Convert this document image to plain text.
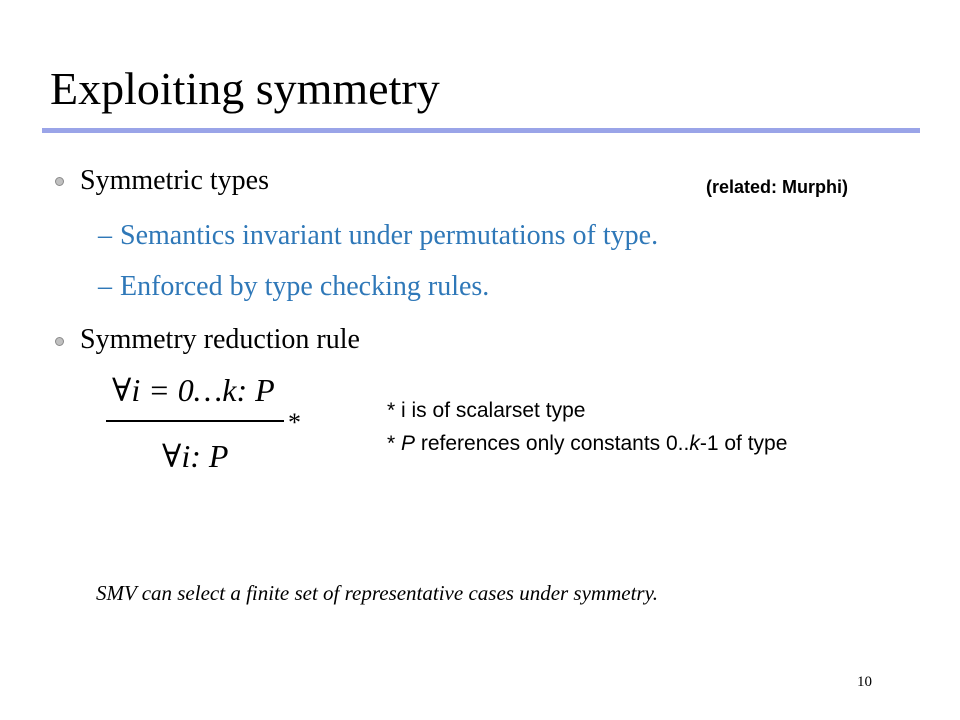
Exploiting symmetry
(related: Murphi)
Symmetric types
– Semantics invariant under permutations of type.
– Enforced by type checking rules.
Symmetry reduction rule
∀i = 0…k: P
*
∀i: P
* i is of scalarset type
* P references only constants 0..k-1 of type
SMV can select a finite set of representative cases under symmetry.
10
